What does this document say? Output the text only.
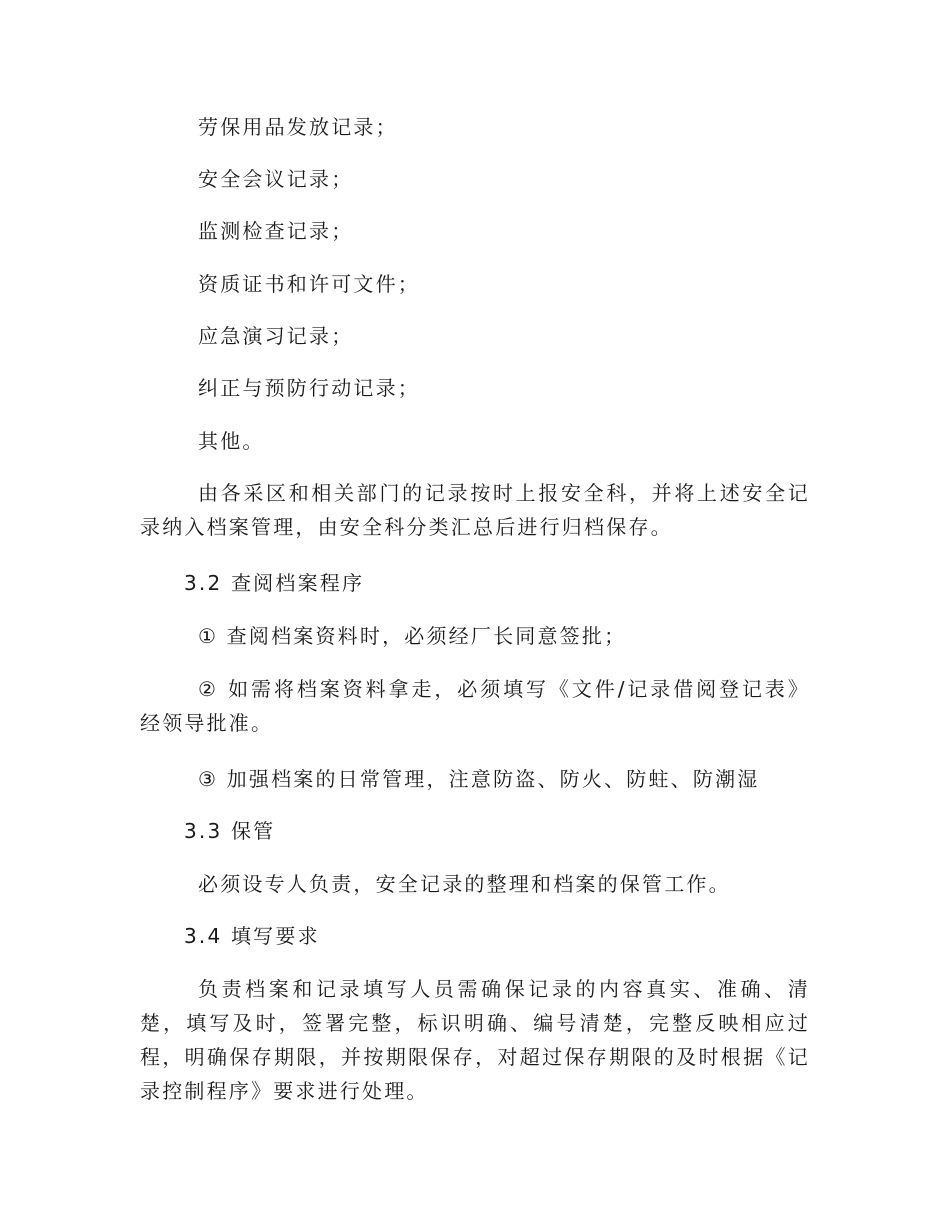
劳保用品发放记录；
安全会议记录；
监测检查记录；
资质证书和许可文件；
应急演习记录；
纠正与预防行动记录；
其他。

由各采区和相关部门的记录按时上报安全科，并将上述安全记录纳入档案管理，由安全科分类汇总后进行归档保存。

3.2 查阅档案程序
① 查阅档案资料时，必须经厂长同意签批；

② 如需将档案资料拿走，必须填写《文件/记录借阅登记表》经领导批准。

③ 加强档案的日常管理，注意防盗、防火、防蛀、防潮湿
3.3 保管
必须设专人负责，安全记录的整理和档案的保管工作。
3.4 填写要求

负责档案和记录填写人员需确保记录的内容真实、准确、清楚，填写及时，签署完整，标识明确、编号清楚，完整反映相应过程，明确保存期限，并按期限保存，对超过保存期限的及时根据《记录控制程序》要求进行处理。
